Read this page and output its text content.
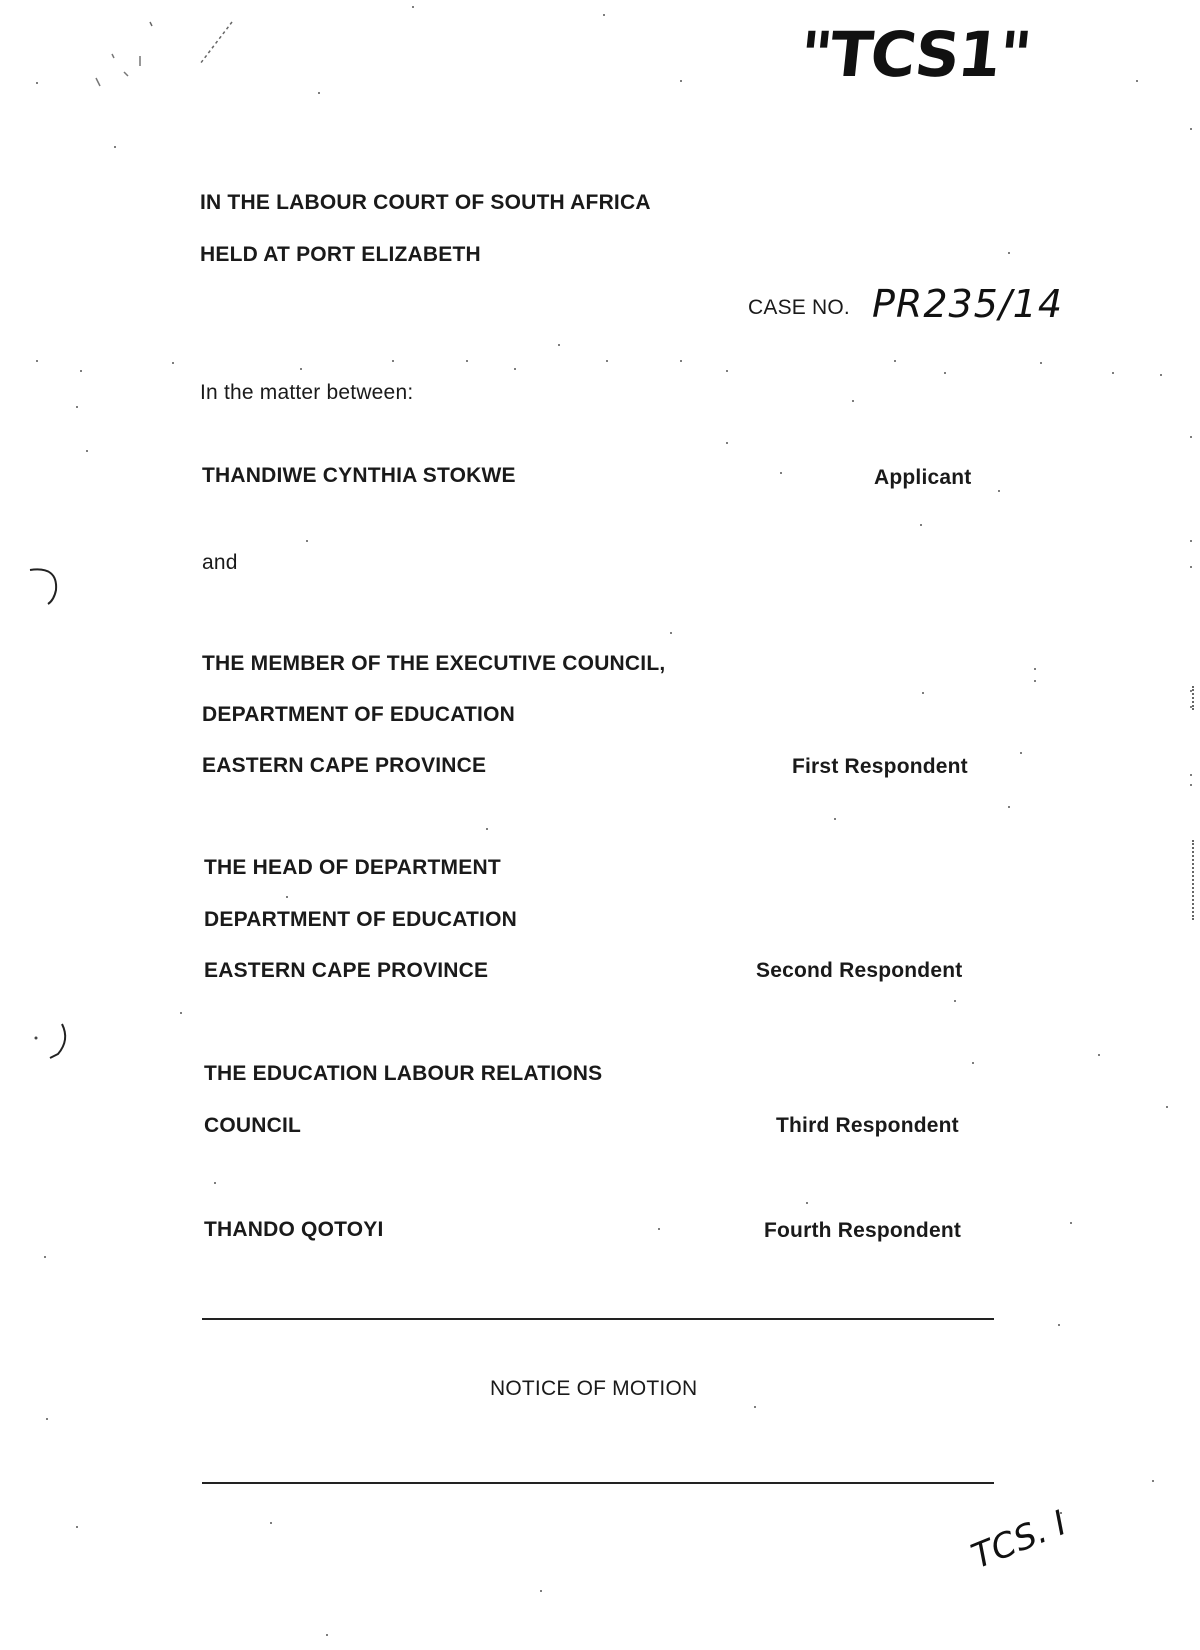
"TCS1"
IN THE LABOUR COURT OF SOUTH AFRICA
HELD AT PORT ELIZABETH
CASE NO. PR235/14
In the matter between:
THANDIWE CYNTHIA STOKWE	Applicant
and
THE MEMBER OF THE EXECUTIVE COUNCIL,
DEPARTMENT OF EDUCATION
EASTERN CAPE PROVINCE	First Respondent
THE HEAD OF DEPARTMENT
DEPARTMENT OF EDUCATION
EASTERN CAPE PROVINCE	Second Respondent
THE EDUCATION LABOUR RELATIONS
COUNCIL	Third Respondent
THANDO QOTOYI	Fourth Respondent
NOTICE OF MOTION
TCS. I
